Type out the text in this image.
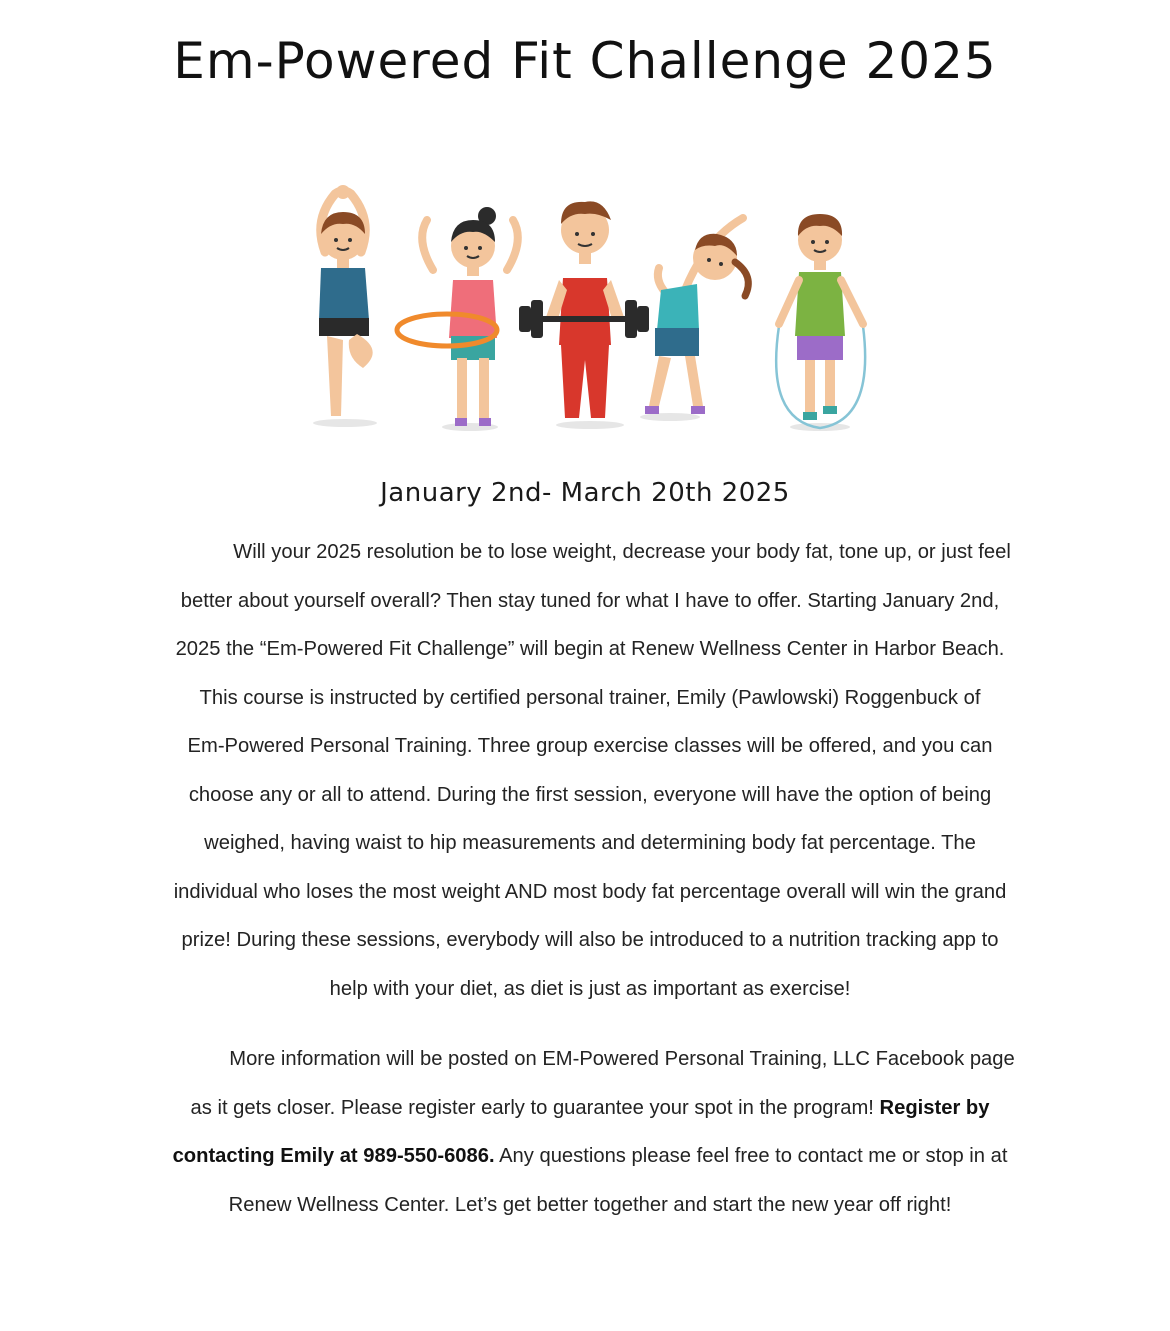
Em-Powered Fit Challenge 2025
January 2nd- March 20th 2025
Will your 2025 resolution be to lose weight, decrease your body fat, tone up, or just feel
better about yourself overall? Then stay tuned for what I have to offer. Starting January 2nd,
2025 the “Em-Powered Fit Challenge” will begin at Renew Wellness Center in Harbor Beach.
This course is instructed by certified personal trainer, Emily (Pawlowski) Roggenbuck of
Em-Powered Personal Training. Three group exercise classes will be offered, and you can
choose any or all to attend. During the first session, everyone will have the option of being
weighed, having waist to hip measurements and determining body fat percentage. The
individual who loses the most weight AND most body fat percentage overall will win the grand
prize! During these sessions, everybody will also be introduced to a nutrition tracking app to
help with your diet, as diet is just as important as exercise!
More information will be posted on EM-Powered Personal Training, LLC Facebook page
as it gets closer. Please register early to guarantee your spot in the program! Register by
contacting Emily at 989-550-6086. Any questions please feel free to contact me or stop in at
Renew Wellness Center. Let’s get better together and start the new year off right!
